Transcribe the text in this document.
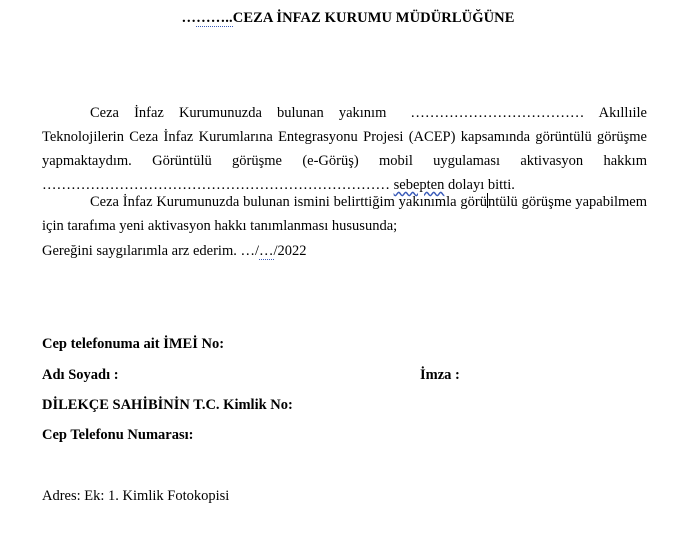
………..CEZA İNFAZ KURUMU MÜDÜRLÜĞÜNE
Ceza İnfaz Kurumunuzda bulunan yakınım ………………………………	ile
Akıllı Teknolojilerin Ceza İnfaz Kurumlarına Entegrasyonu Projesi (ACEP) kapsamında görüntülü görüşme yapmaktaydım. Görüntülü görüşme (e-Görüş) mobil uygulaması aktivasyon hakkım ……………………………………………………………… sebepten dolayı bitti.
Ceza İnfaz Kurumunuzda bulunan ismini belirttiğim yakınımla görüntülü görüşme yapabilmem için tarafıma yeni aktivasyon hakkı tanımlanması hususunda;
Gereğini saygılarımla arz ederim. …/…/2022
Cep telefonuma ait İMEİ No:
Adı Soyadı :	İmza :
DİLEKÇE SAHİBİNİN T.C. Kimlik No:
Cep Telefonu Numarası:
Adres: Ek: 1. Kimlik Fotokopisi
